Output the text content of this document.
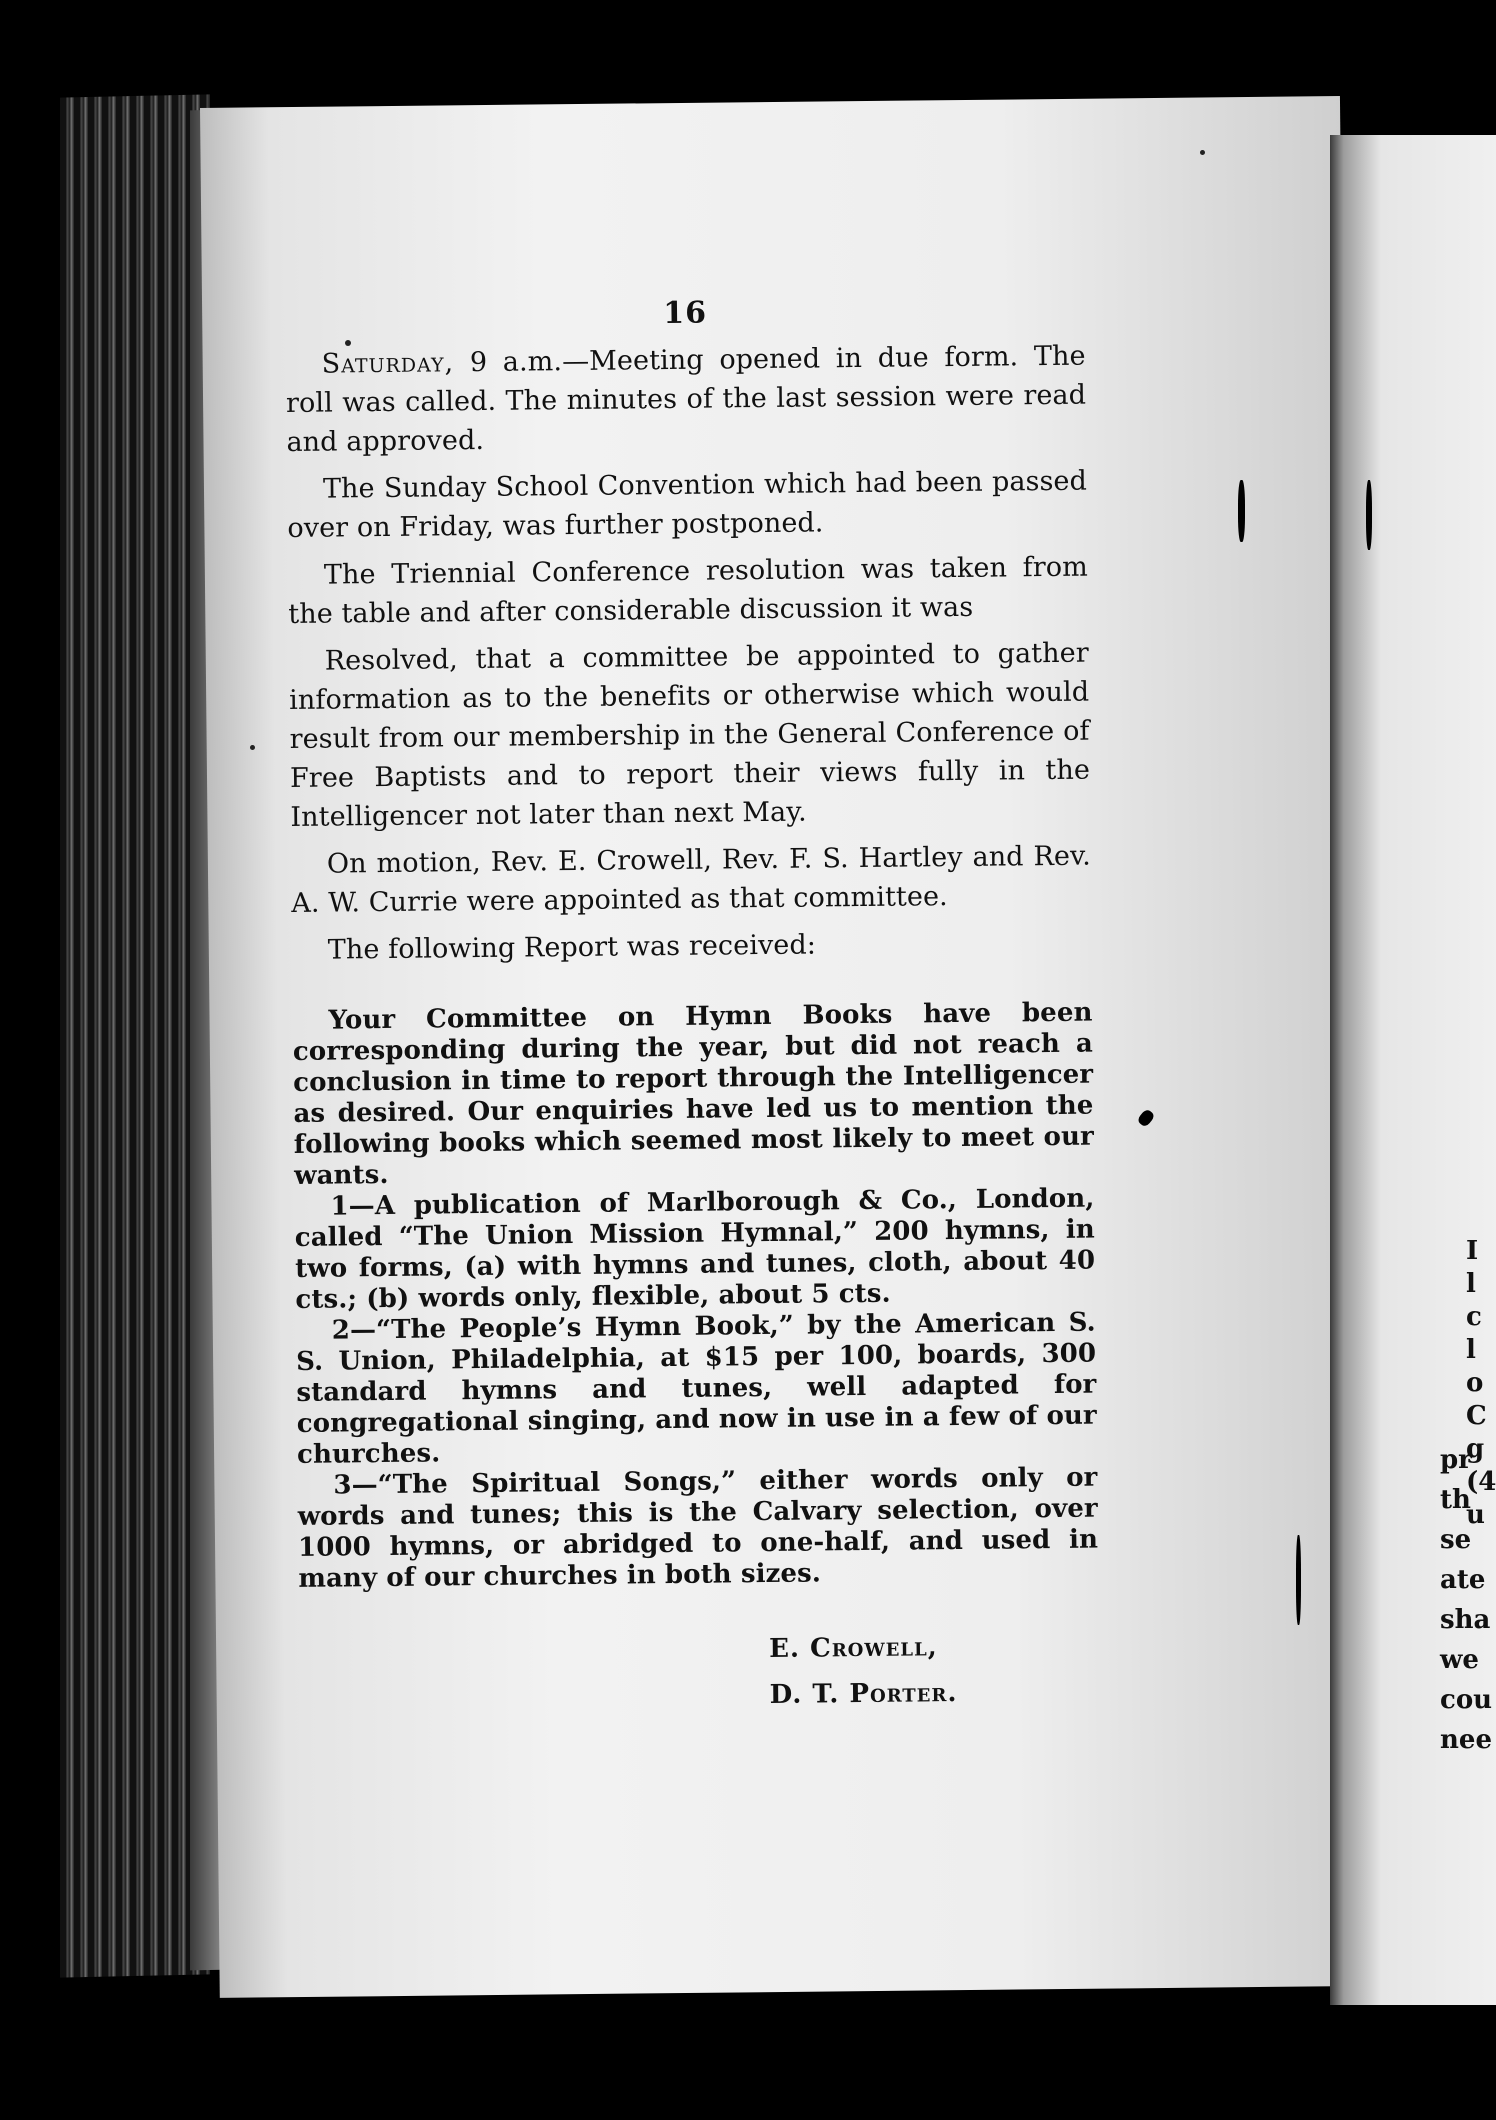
I
l
c
l
o
C
g
(4
u
pr
th
se
ate
sha
we
cou
nee
16

Saturday, 9 a.m.—Meeting opened in due form. The roll was called. The minutes of the last session were read and approved.

The Sunday School Convention which had been passed over on Friday, was further postponed.

The Triennial Conference resolution was taken from the table and after considerable discussion it was

Resolved, that a committee be appointed to gather information as to the benefits or otherwise which would result from our membership in the General Conference of Free Baptists and to report their views fully in the Intelligencer not later than next May.

On motion, Rev. E. Crowell, Rev. F. S. Hartley and Rev. A. W. Currie were appointed as that committee.

The following Report was received:

Your Committee on Hymn Books have been corresponding during the year, but did not reach a conclusion in time to report through the Intelligencer as desired. Our enquiries have led us to mention the following books which seemed most likely to meet our wants.

1—A publication of Marlborough & Co., London, called “The Union Mission Hymnal,” 200 hymns, in two forms, (a) with hymns and tunes, cloth, about 40 cts.; (b) words only, flexible, about 5 cts.

2—“The People’s Hymn Book,” by the American S. S. Union, Philadelphia, at $15 per 100, boards, 300 standard hymns and tunes, well adapted for congregational singing, and now in use in a few of our churches.

3—“The Spiritual Songs,” either words only or words and tunes; this is the Calvary selection, over 1000 hymns, or abridged to one-half, and used in many of our churches in both sizes.

E. Crowell,
D. T. Porter.
